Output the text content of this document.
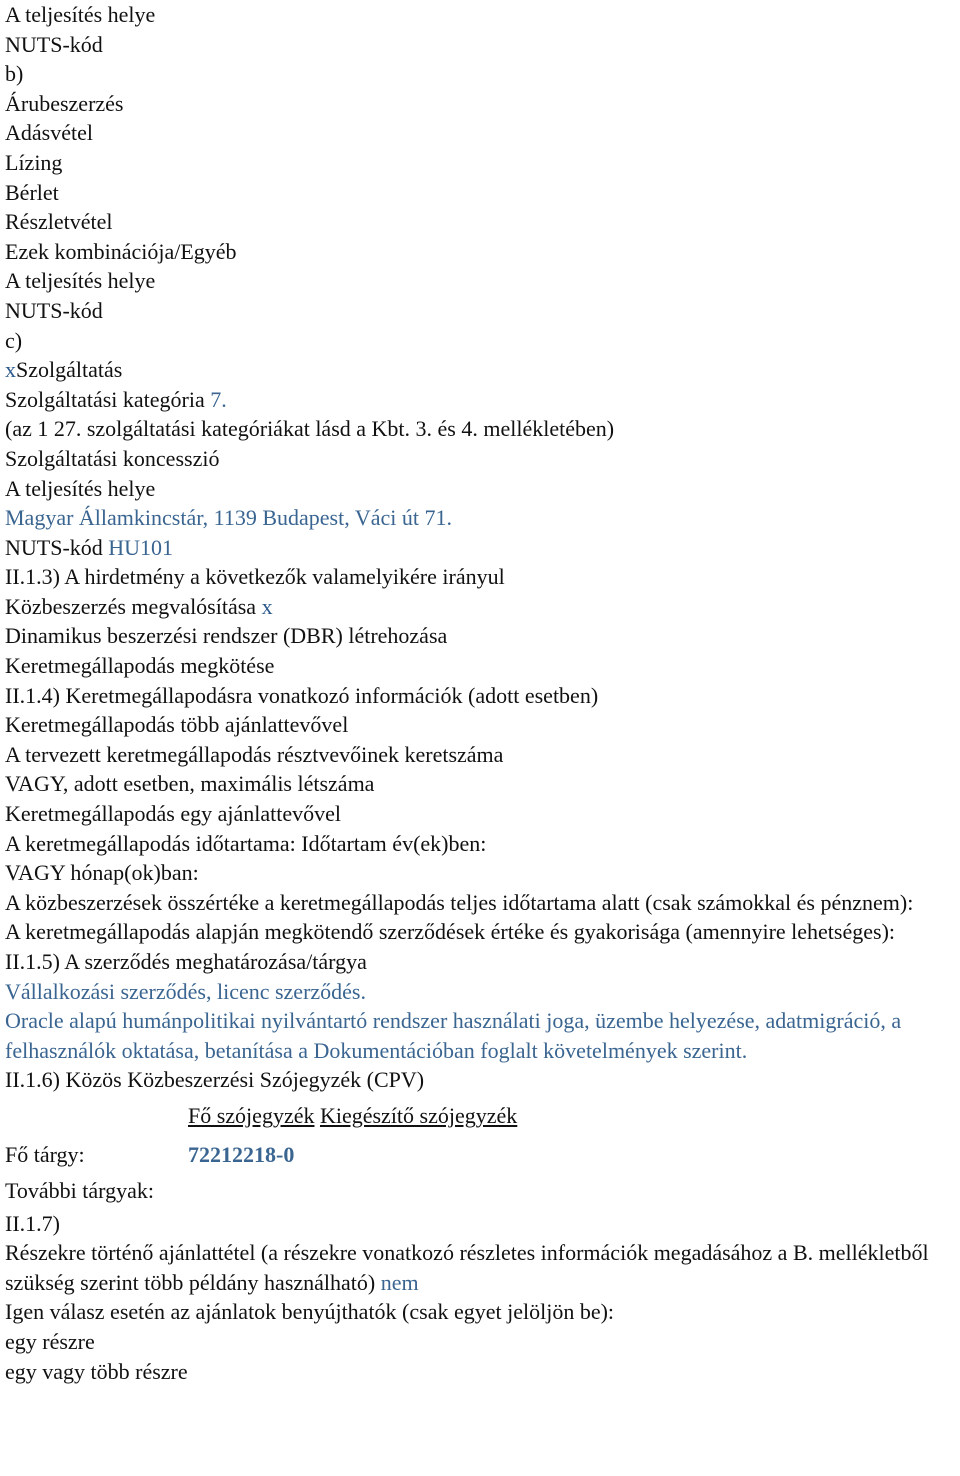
A teljesítés helye
NUTS-kód
b)
Árubeszerzés
Adásvétel
Lízing
Bérlet
Részletvétel
Ezek kombinációja/Egyéb
A teljesítés helye
NUTS-kód
c)
xSzolgáltatás
Szolgáltatási kategória 7.
(az 1 27. szolgáltatási kategóriákat lásd a Kbt. 3. és 4. mellékletében)
Szolgáltatási koncesszió
A teljesítés helye
Magyar Államkincstár, 1139 Budapest, Váci út 71.
NUTS-kód HU101
II.1.3) A hirdetmény a következők valamelyikére irányul
Közbeszerzés megvalósítása x
Dinamikus beszerzési rendszer (DBR) létrehozása
Keretmegállapodás megkötése
II.1.4) Keretmegállapodásra vonatkozó információk (adott esetben)
Keretmegállapodás több ajánlattevővel
A tervezett keretmegállapodás résztvevőinek keretszáma
VAGY, adott esetben, maximális létszáma
Keretmegállapodás egy ajánlattevővel
A keretmegállapodás időtartama: Időtartam év(ek)ben:
VAGY hónap(ok)ban:
A közbeszerzések összértéke a keretmegállapodás teljes időtartama alatt (csak számokkal és pénznem):
A keretmegállapodás alapján megkötendő szerződések értéke és gyakorisága (amennyire lehetséges):
II.1.5) A szerződés meghatározása/tárgya
Vállalkozási szerződés, licenc szerződés.
Oracle alapú humánpolitikai nyilvántartó rendszer használati joga, üzembe helyezése, adatmigráció, a felhasználók oktatása, betanítása a Dokumentációban foglalt követelmények szerint.
II.1.6) Közös Közbeszerzési Szójegyzék (CPV)
Fő szójegyzék Kiegészítő szójegyzék
Fő tárgy:	72212218-0
További tárgyak:
II.1.7)
Részekre történő ajánlattétel (a részekre vonatkozó részletes információk megadásához a B. mellékletből szükség szerint több példány használható) nem
Igen válasz esetén az ajánlatok benyújthatók (csak egyet jelöljön be):
egy részre
egy vagy több részre
